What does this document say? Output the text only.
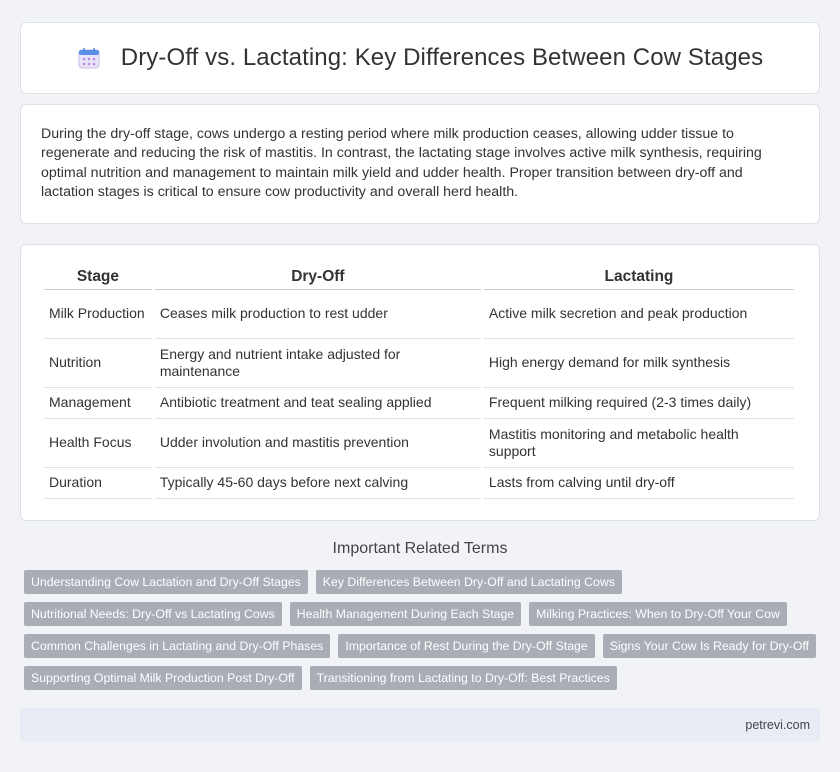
Dry-Off vs. Lactating: Key Differences Between Cow Stages

During the dry-off stage, cows undergo a resting period where milk production ceases, allowing udder tissue to regenerate and reducing the risk of mastitis. In contrast, the lactating stage involves active milk synthesis, requiring optimal nutrition and management to maintain milk yield and udder health. Proper transition between dry-off and lactation stages is critical to ensure cow productivity and overall herd health.

Stage	Dry-Off	Lactating
Milk Production	Ceases milk production to rest udder	Active milk secretion and peak production
Nutrition	Energy and nutrient intake adjusted for maintenance	High energy demand for milk synthesis
Management	Antibiotic treatment and teat sealing applied	Frequent milking required (2-3 times daily)
Health Focus	Udder involution and mastitis prevention	Mastitis monitoring and metabolic health support
Duration	Typically 45-60 days before next calving	Lasts from calving until dry-off
Important Related Terms
Understanding Cow Lactation and Dry-Off Stages	Key Differences Between Dry-Off and Lactating Cows
Nutritional Needs: Dry-Off vs Lactating Cows	Health Management During Each Stage	Milking Practices: When to Dry-Off Your Cow
Common Challenges in Lactating and Dry-Off Phases	Importance of Rest During the Dry-Off Stage	Signs Your Cow Is Ready for Dry-Off
Supporting Optimal Milk Production Post Dry-Off	Transitioning from Lactating to Dry-Off: Best Practices
petrevi.com
